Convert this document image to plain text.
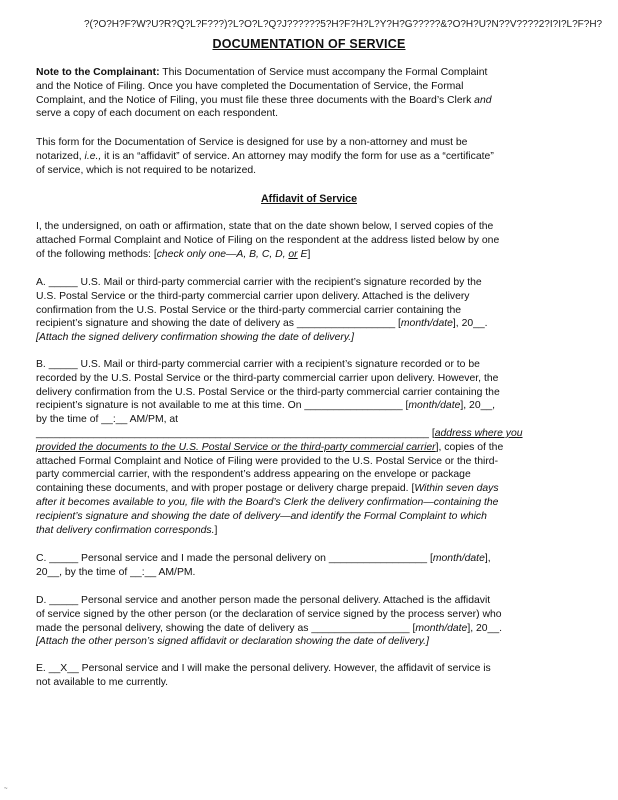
?(?O?H?F?W?U?R?Q?L?F???)?L?O?L?Q?J??????5?H?F?H?L?Y?H?G?????&?O?H?U?N??V????2?I?I?L?F?H?
DOCUMENTATION OF SERVICE
Note to the Complainant: This Documentation of Service must accompany the Formal Complaint
and the Notice of Filing. Once you have completed the Documentation of Service, the Formal
Complaint, and the Notice of Filing, you must file these three documents with the Board’s Clerk and
serve a copy of each document on each respondent.
This form for the Documentation of Service is designed for use by a non-attorney and must be
notarized, i.e., it is an “affidavit” of service. An attorney may modify the form for use as a “certificate”
of service, which is not required to be notarized.
Affidavit of Service
I, the undersigned, on oath or affirmation, state that on the date shown below, I served copies of the
attached Formal Complaint and Notice of Filing on the respondent at the address listed below by one
of the following methods: [check only one—A, B, C, D, or E]
A. _____ U.S. Mail or third-party commercial carrier with the recipient’s signature recorded by the
U.S. Postal Service or the third-party commercial carrier upon delivery. Attached is the delivery
confirmation from the U.S. Postal Service or the third-party commercial carrier containing the
recipient’s signature and showing the date of delivery as _________________ [month/date], 20__.
[Attach the signed delivery confirmation showing the date of delivery.]
B. _____ U.S. Mail or third-party commercial carrier with a recipient’s signature recorded or to be
recorded by the U.S. Postal Service or the third-party commercial carrier upon delivery. However, the
delivery confirmation from the U.S. Postal Service or the third-party commercial carrier containing the
recipient’s signature is not available to me at this time. On _________________ [month/date], 20__,
by the time of __:__ AM/PM, at
____________________________________________________________________ [address where you
provided the documents to the U.S. Postal Service or the third-party commercial carrier], copies of the
attached Formal Complaint and Notice of Filing were provided to the U.S. Postal Service or the third-
party commercial carrier, with the respondent’s address appearing on the envelope or package
containing these documents, and with proper postage or delivery charge prepaid. [Within seven days
after it becomes available to you, file with the Board’s Clerk the delivery confirmation—containing the
recipient’s signature and showing the date of delivery—and identify the Formal Complaint to which
that delivery confirmation corresponds.]
C. _____ Personal service and I made the personal delivery on _________________ [month/date],
20__, by the time of __:__ AM/PM.
D. _____ Personal service and another person made the personal delivery. Attached is the affidavit
of service signed by the other person (or the declaration of service signed by the process server) who
made the personal delivery, showing the date of delivery as _________________ [month/date], 20__.
[Attach the other person’s signed affidavit or declaration showing the date of delivery.]
E. __X__ Personal service and I will make the personal delivery. However, the affidavit of service is
not available to me currently.
~
